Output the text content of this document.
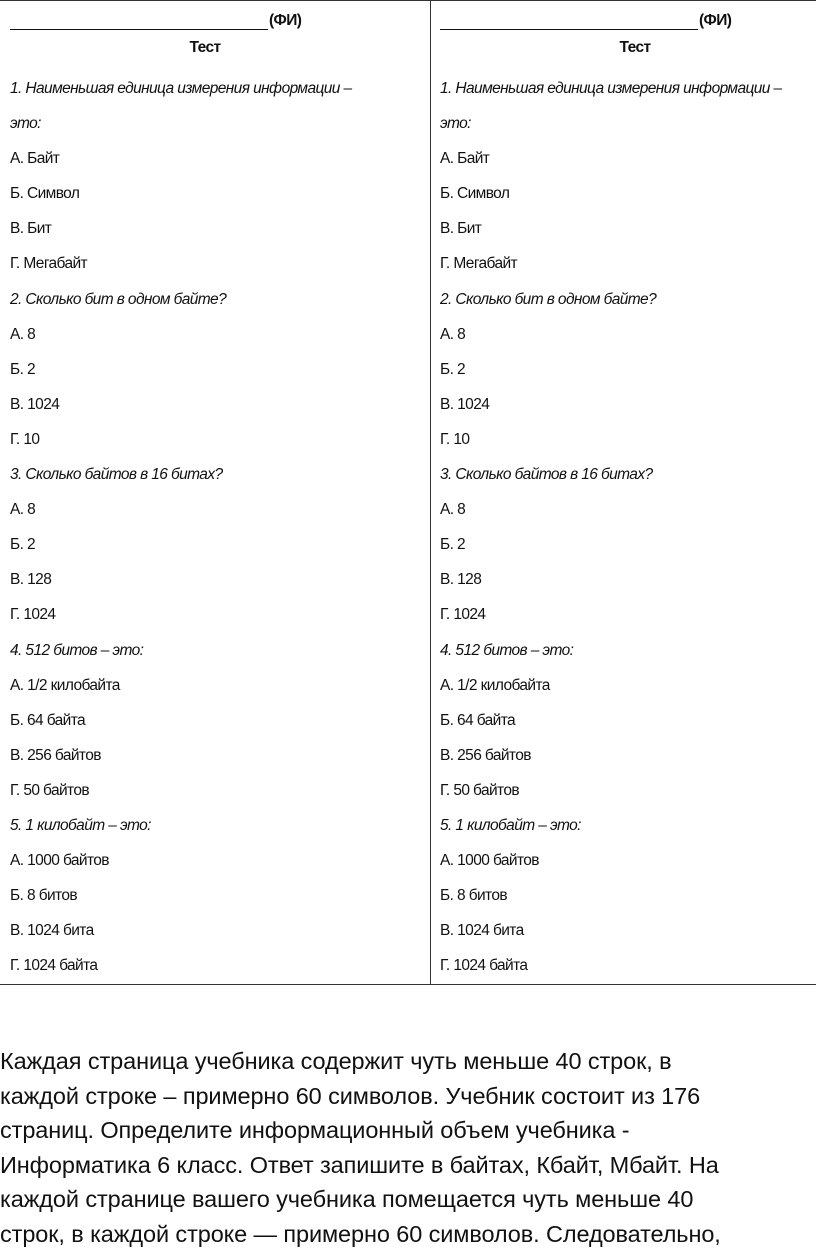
(ФИ)
Тест
1. Наименьшая единица измерения информации –
это:
А. Байт
Б. Символ
В. Бит
Г. Мегабайт
2. Сколько бит в одном байте?
А. 8
Б. 2
В. 1024
Г. 10
3. Сколько байтов в 16 битах?
А. 8
Б. 2
В. 128
Г. 1024
4. 512 битов – это:
А. 1/2 килобайта
Б. 64 байта
В. 256 байтов
Г. 50 байтов
5. 1 килобайт – это:
А. 1000 байтов
Б. 8 битов
В. 1024 бита
Г. 1024 байта
(ФИ)
Тест
1. Наименьшая единица измерения информации –
это:
А. Байт
Б. Символ
В. Бит
Г. Мегабайт
2. Сколько бит в одном байте?
А. 8
Б. 2
В. 1024
Г. 10
3. Сколько байтов в 16 битах?
А. 8
Б. 2
В. 128
Г. 1024
4. 512 битов – это:
А. 1/2 килобайта
Б. 64 байта
В. 256 байтов
Г. 50 байтов
5. 1 килобайт – это:
А. 1000 байтов
Б. 8 битов
В. 1024 бита
Г. 1024 байта
Каждая страница учебника содержит чуть меньше 40 строк, в
каждой строке – примерно 60 символов. Учебник состоит из 176
страниц. Определите информационный объем учебника -
Информатика 6 класс. Ответ запишите в байтах, Кбайт, Мбайт. На
каждой странице вашего учебника помещается чуть меньше 40
строк, в каждой строке — примерно 60 символов. Следовательно,
